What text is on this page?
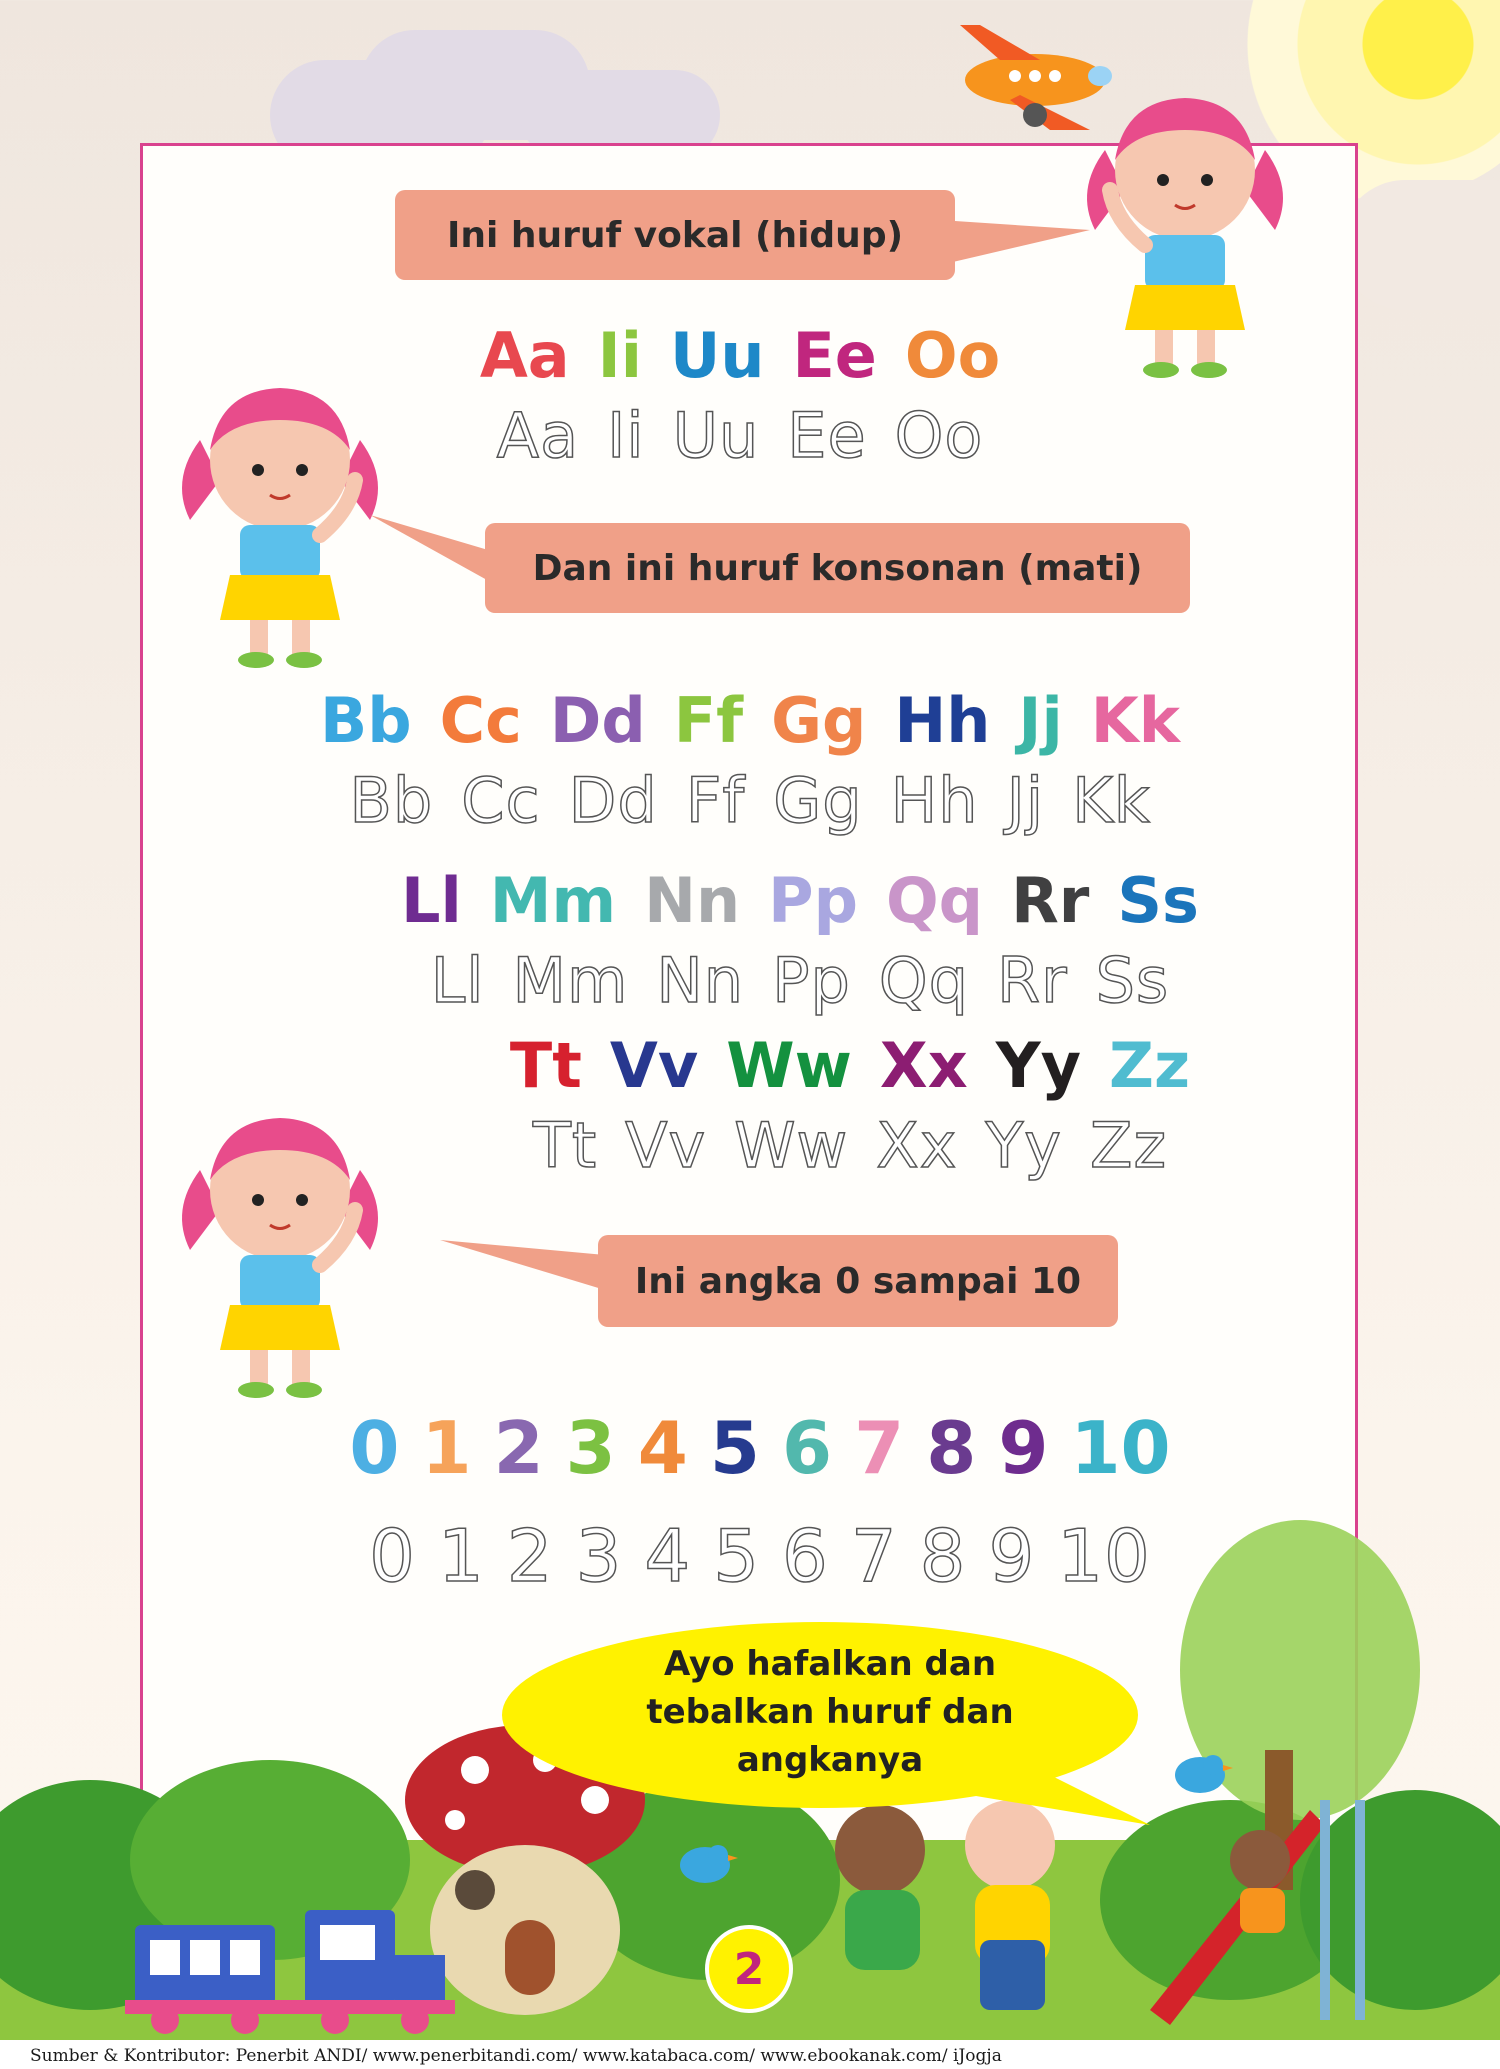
Ini huruf vokal (hidup)
Dan ini huruf konsonan (mati)
Ini angka 0 sampai 10
Aa Ii Uu Ee Oo
Aa Ii Uu Ee Oo
Bb Cc Dd Ff Gg Hh Jj Kk
Bb Cc Dd Ff Gg Hh Jj Kk
Ll Mm Nn Pp Qq Rr Ss
Ll Mm Nn Pp Qq Rr Ss
Tt Vv Ww Xx Yy Zz
Tt Vv Ww Xx Yy Zz
0 1 2 3 4 5 6 7 8 9 10
0 1 2 3 4 5 6 7 8 9 10
Ayo hafalkan dan tebalkan huruf dan angkanya
2
Sumber & Kontributor: Penerbit ANDI/ www.penerbitandi.com/ www.katabaca.com/ www.ebookanak.com/ iJogja
